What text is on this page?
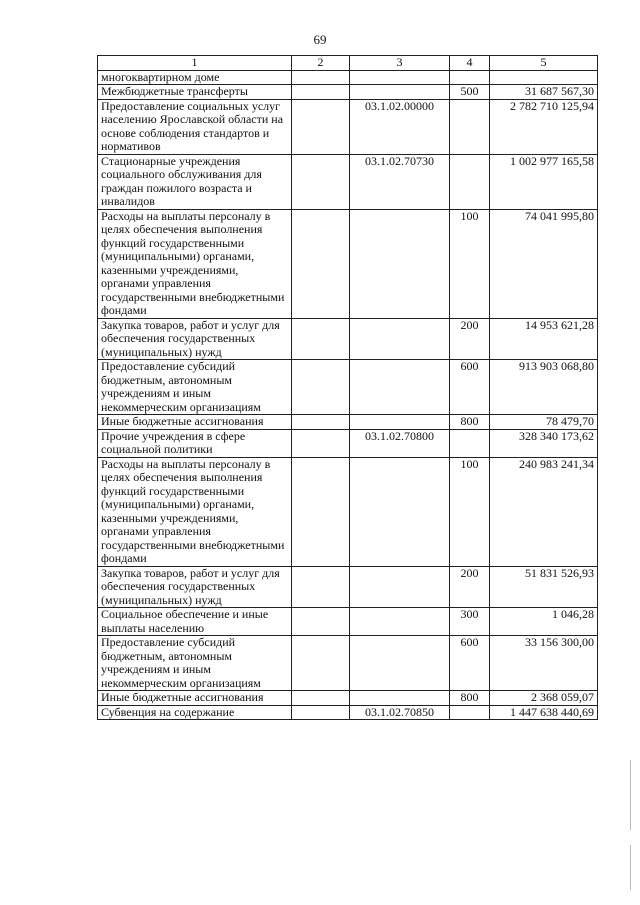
69
1	2	3	4	5
многоквартирном доме				
Межбюджетные трансферты			500	31 687 567,30
Предоставление социальных услуг населению Ярославской области на основе соблюдения стандартов и нормативов		03.1.02.00000		2 782 710 125,94
Стационарные учреждения социального обслуживания для граждан пожилого возраста и инвалидов		03.1.02.70730		1 002 977 165,58
Расходы на выплаты персоналу в целях обеспечения выполнения функций государственными (муниципальными) органами, казенными учреждениями, органами управления государственными внебюджетными фондами			100	74 041 995,80
Закупка товаров, работ и услуг для обеспечения государственных (муниципальных) нужд			200	14 953 621,28
Предоставление субсидий бюджетным, автономным учреждениям и иным некоммерческим организациям			600	913 903 068,80
Иные бюджетные ассигнования			800	78 479,70
Прочие учреждения в сфере социальной политики		03.1.02.70800		328 340 173,62
Расходы на выплаты персоналу в целях обеспечения выполнения функций государственными (муниципальными) органами, казенными учреждениями, органами управления государственными внебюджетными фондами			100	240 983 241,34
Закупка товаров, работ и услуг для обеспечения государственных (муниципальных) нужд			200	51 831 526,93
Социальное обеспечение и иные выплаты населению			300	1 046,28
Предоставление субсидий бюджетным, автономным учреждениям и иным некоммерческим организациям			600	33 156 300,00
Иные бюджетные ассигнования			800	2 368 059,07
Субвенция на содержание		03.1.02.70850		1 447 638 440,69
